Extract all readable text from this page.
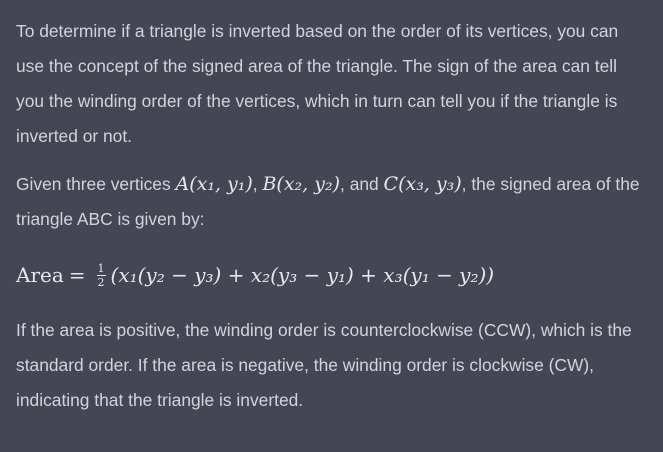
To determine if a triangle is inverted based on the order of its vertices, you can use the concept of the signed area of the triangle. The sign of the area can tell you the winding order of the vertices, which in turn can tell you if the triangle is inverted or not.

Given three vertices A(x₁, y₁), B(x₂, y₂), and C(x₃, y₃), the signed area of the triangle ABC is given by:

Area = $\frac{1}{2} (x_1(y_2 - y_3) + x_2(y_3 - y_1) + x_3(y_1 - y_2))$

If the area is positive, the winding order is counterclockwise (CCW), which is the standard order. If the area is negative, the winding order is clockwise (CW), indicating that the triangle is inverted.
